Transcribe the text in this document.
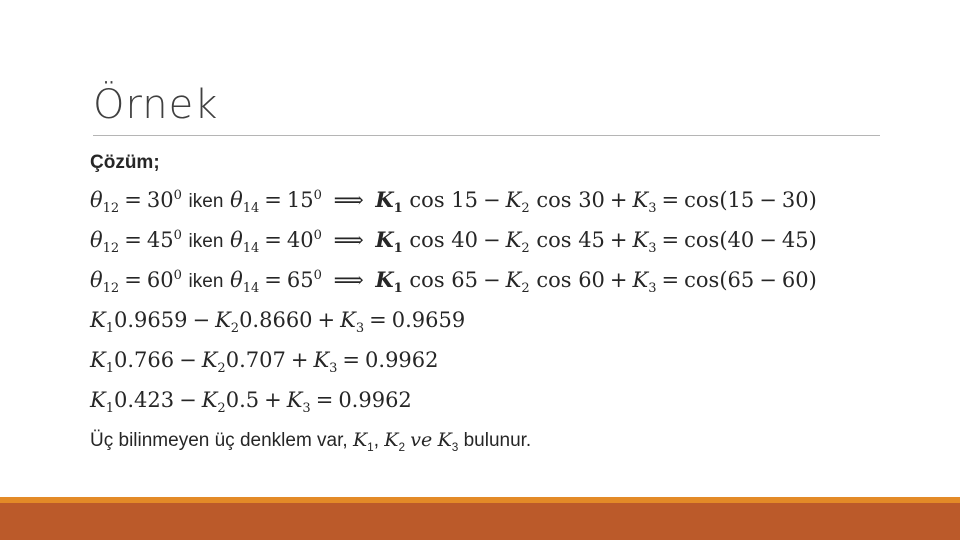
Örnek
Çözüm;
$\theta_{12} = 30^0$ iken $\theta_{14} = 15^0$ ⟹ $K_1$ $\cos 15 - K_2$ $\cos 30 + K_3 = \cos(15 - 30)$
$\theta_{12} = 45^0$ iken $\theta_{14} = 40^0$ ⟹ $K_1$ $\cos 40 - K_2$ $\cos 45 + K_3 = \cos(40 - 45)$
$\theta_{12} = 60^0$ iken $\theta_{14} = 65^0$ ⟹ $K_1$ $\cos 65 - K_2$ $\cos 60 + K_3 = \cos(65 - 60)$
$K_10.9659 - K_20.8660 + K_3 = 0.9659$
$K_10.766 - K_20.707 + K_3 = 0.9962$
$K_10.423 - K_20.5 + K_3 = 0.9962$
Üç bilinmeyen üç denklem var, $K_1$, $K_2$ ve $K_3$ bulunur.
